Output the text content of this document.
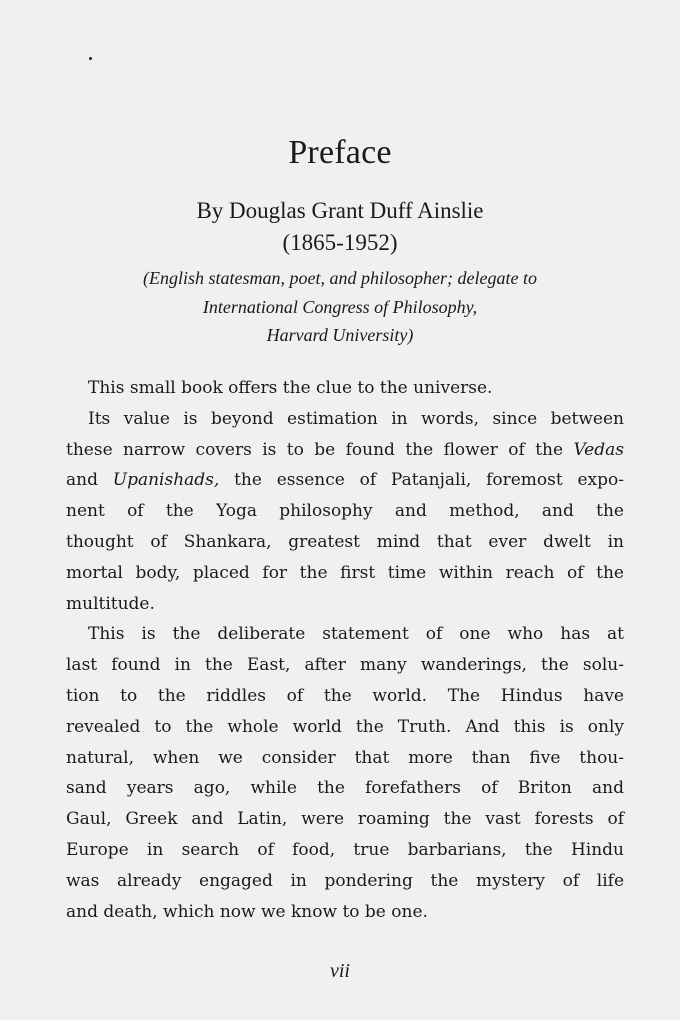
Preface
By Douglas Grant Duff Ainslie
(1865-1952)
(English statesman, poet, and philosopher; delegate to
International Congress of Philosophy,
Harvard University)
This small book offers the clue to the universe.
Its value is beyond estimation in words, since between
these narrow covers is to be found the flower of the Vedas
and Upanishads, the essence of Patanjali, foremost expo-
nent of the Yoga philosophy and method, and the
thought of Shankara, greatest mind that ever dwelt in
mortal body, placed for the first time within reach of the
multitude.
This is the deliberate statement of one who has at
last found in the East, after many wanderings, the solu-
tion to the riddles of the world. The Hindus have
revealed to the whole world the Truth. And this is only
natural, when we consider that more than five thou-
sand years ago, while the forefathers of Briton and
Gaul, Greek and Latin, were roaming the vast forests of
Europe in search of food, true barbarians, the Hindu
was already engaged in pondering the mystery of life
and death, which now we know to be one.
vii
